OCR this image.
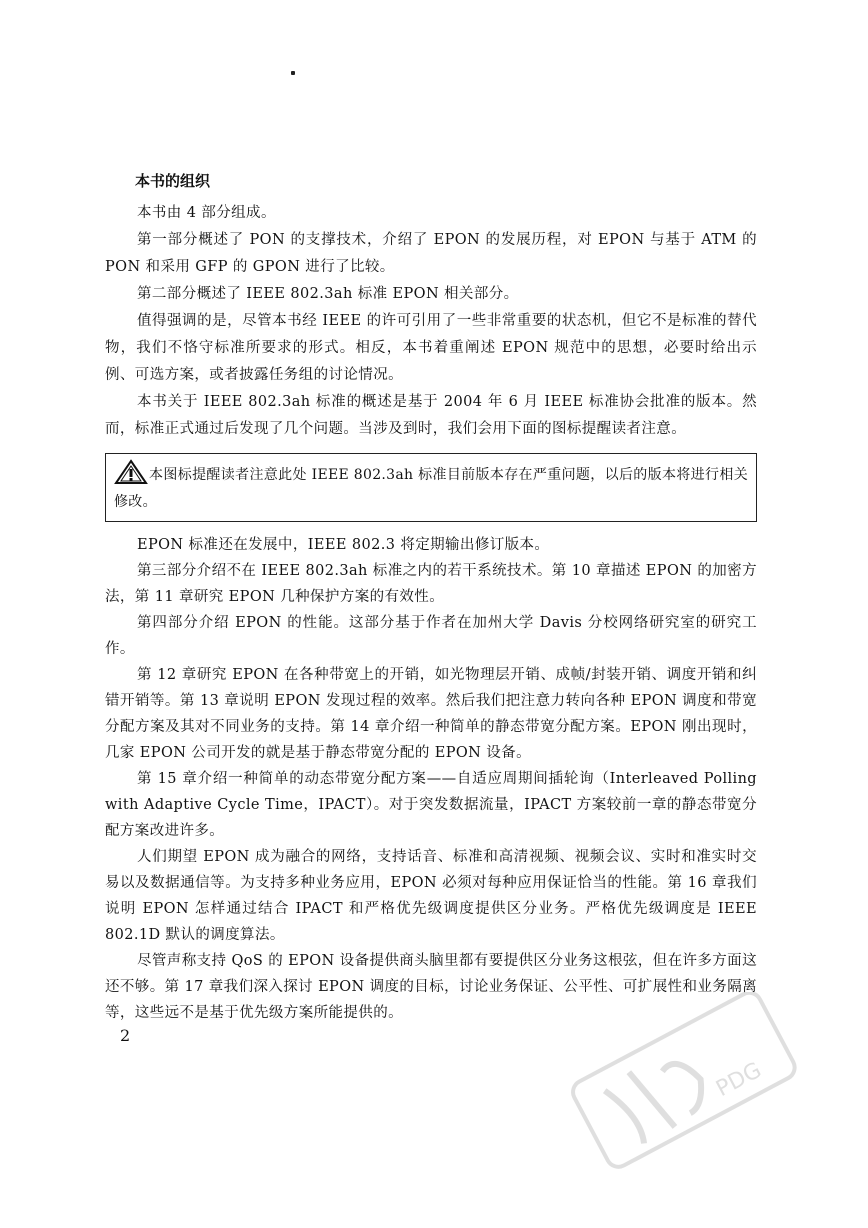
本书的组织

本书由 4 部分组成。

第一部分概述了 PON 的支撑技术，介绍了 EPON 的发展历程，对 EPON 与基于 ATM 的 PON 和采用 GFP 的 GPON 进行了比较。

第二部分概述了 IEEE 802.3ah 标准 EPON 相关部分。

值得强调的是，尽管本书经 IEEE 的许可引用了一些非常重要的状态机，但它不是标准的替代物，我们不恪守标准所要求的形式。相反，本书着重阐述 EPON 规范中的思想，必要时给出示例、可选方案，或者披露任务组的讨论情况。

本书关于 IEEE 802.3ah 标准的概述是基于 2004 年 6 月 IEEE 标准协会批准的版本。然而，标准正式通过后发现了几个问题。当涉及到时，我们会用下面的图标提醒读者注意。

本图标提醒读者注意此处 IEEE 802.3ah 标准目前版本存在严重问题，以后的版本将进行相关修改。

EPON 标准还在发展中，IEEE 802.3 将定期输出修订版本。

第三部分介绍不在 IEEE 802.3ah 标准之内的若干系统技术。第 10 章描述 EPON 的加密方法，第 11 章研究 EPON 几种保护方案的有效性。

第四部分介绍 EPON 的性能。这部分基于作者在加州大学 Davis 分校网络研究室的研究工作。

第 12 章研究 EPON 在各种带宽上的开销，如光物理层开销、成帧/封装开销、调度开销和纠错开销等。第 13 章说明 EPON 发现过程的效率。然后我们把注意力转向各种 EPON 调度和带宽分配方案及其对不同业务的支持。第 14 章介绍一种简单的静态带宽分配方案。EPON 刚出现时，几家 EPON 公司开发的就是基于静态带宽分配的 EPON 设备。

第 15 章介绍一种简单的动态带宽分配方案——自适应周期间插轮询（Interleaved Polling with Adaptive Cycle Time，IPACT）。对于突发数据流量，IPACT 方案较前一章的静态带宽分配方案改进许多。

人们期望 EPON 成为融合的网络，支持话音、标准和高清视频、视频会议、实时和准实时交易以及数据通信等。为支持多种业务应用，EPON 必须对每种应用保证恰当的性能。第 16 章我们说明 EPON 怎样通过结合 IPACT 和严格优先级调度提供区分业务。严格优先级调度是 IEEE 802.1D 默认的调度算法。

尽管声称支持 QoS 的 EPON 设备提供商头脑里都有要提供区分业务这根弦，但在许多方面这还不够。第 17 章我们深入探讨 EPON 调度的目标，讨论业务保证、公平性、可扩展性和业务隔离等，这些远不是基于优先级方案所能提供的。

2
PDG
